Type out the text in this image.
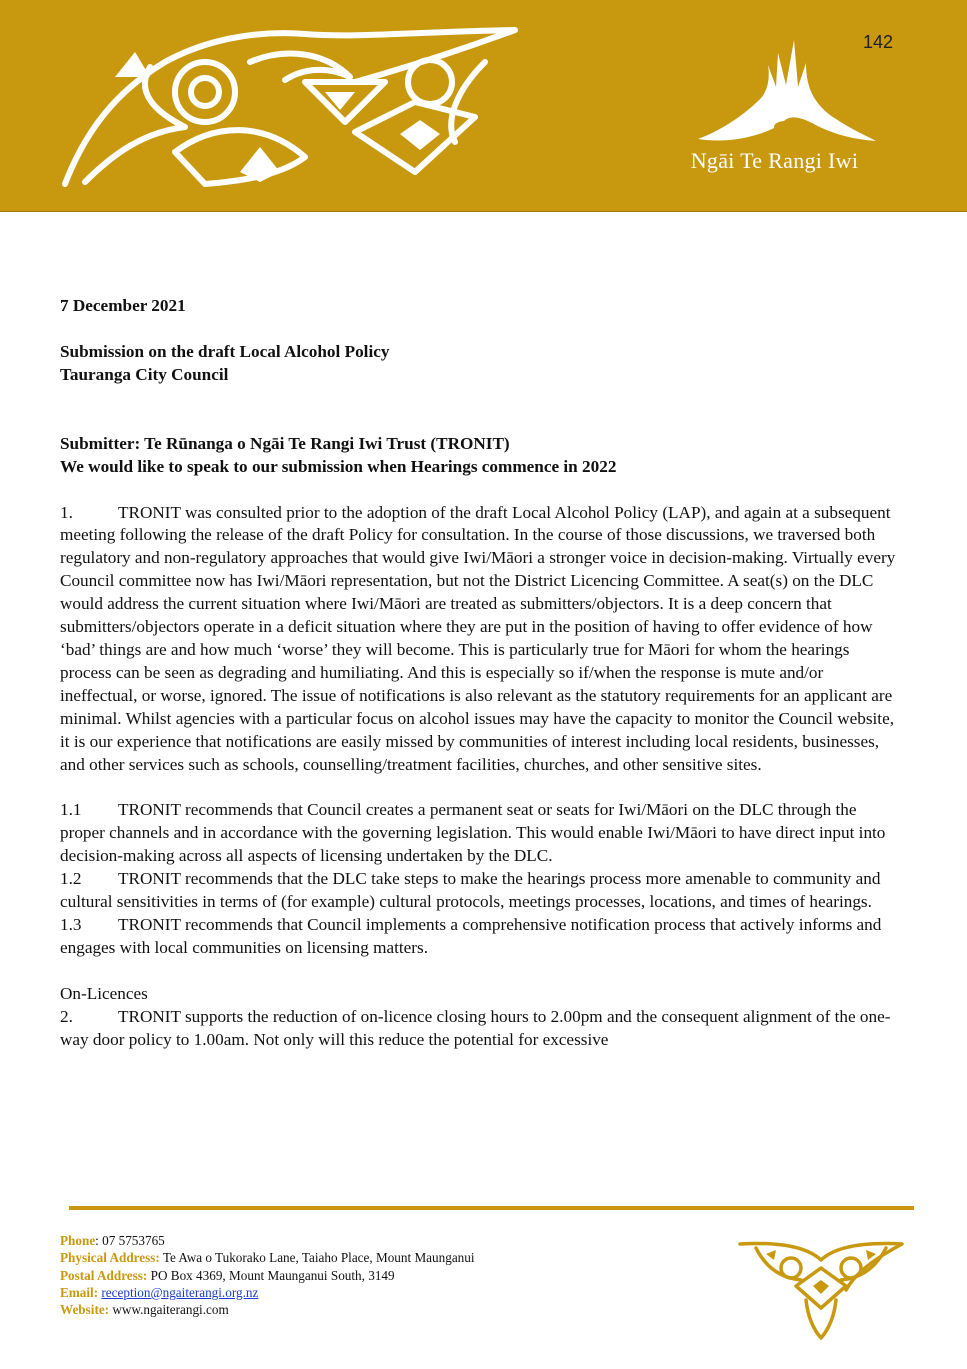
142
Ngāi Te Rangi Iwi

7 December 2021

Submission on the draft Local Alcohol Policy

Tauranga City Council

Submitter: Te Rūnanga o Ngāi Te Rangi Iwi Trust (TRONIT)

We would like to speak to our submission when Hearings commence in 2022

1.	TRONIT was consulted prior to the adoption of the draft Local Alcohol Policy (LAP), and again at a subsequent meeting following the release of the draft Policy for consultation. In the course of those discussions, we traversed both regulatory and non-regulatory approaches that would give Iwi/Māori a stronger voice in decision-making. Virtually every Council committee now has Iwi/Māori representation, but not the District Licencing Committee. A seat(s) on the DLC would address the current situation where Iwi/Māori are treated as submitters/objectors. It is a deep concern that submitters/objectors operate in a deficit situation where they are put in the position of having to offer evidence of how ‘bad’ things are and how much ‘worse’ they will become. This is particularly true for Māori for whom the hearings process can be seen as degrading and humiliating. And this is especially so if/when the response is mute and/or ineffectual, or worse, ignored. The issue of notifications is also relevant as the statutory requirements for an applicant are minimal. Whilst agencies with a particular focus on alcohol issues may have the capacity to monitor the Council website, it is our experience that notifications are easily missed by communities of interest including local residents, businesses, and other services such as schools, counselling/treatment facilities, churches, and other sensitive sites.

1.1 TRONIT recommends that Council creates a permanent seat or seats for Iwi/Māori on the DLC through the proper channels and in accordance with the governing legislation. This would enable Iwi/Māori to have direct input into decision-making across all aspects of licensing undertaken by the DLC.

1.2 TRONIT recommends that the DLC take steps to make the hearings process more amenable to community and cultural sensitivities in terms of (for example) cultural protocols, meetings processes, locations, and times of hearings.

1.3 TRONIT recommends that Council implements a comprehensive notification process that actively informs and engages with local communities on licensing matters.

On-Licences

2.	TRONIT supports the reduction of on-licence closing hours to 2.00pm and the consequent alignment of the one-way door policy to 1.00am. Not only will this reduce the potential for excessive

Phone: 07 5753765
Physical Address: Te Awa o Tukorako Lane, Taiaho Place, Mount Maunganui
Postal Address: PO Box 4369, Mount Maunganui South, 3149
Email: reception@ngaiterangi.org.nz
Website: www.ngaiterangi.com
